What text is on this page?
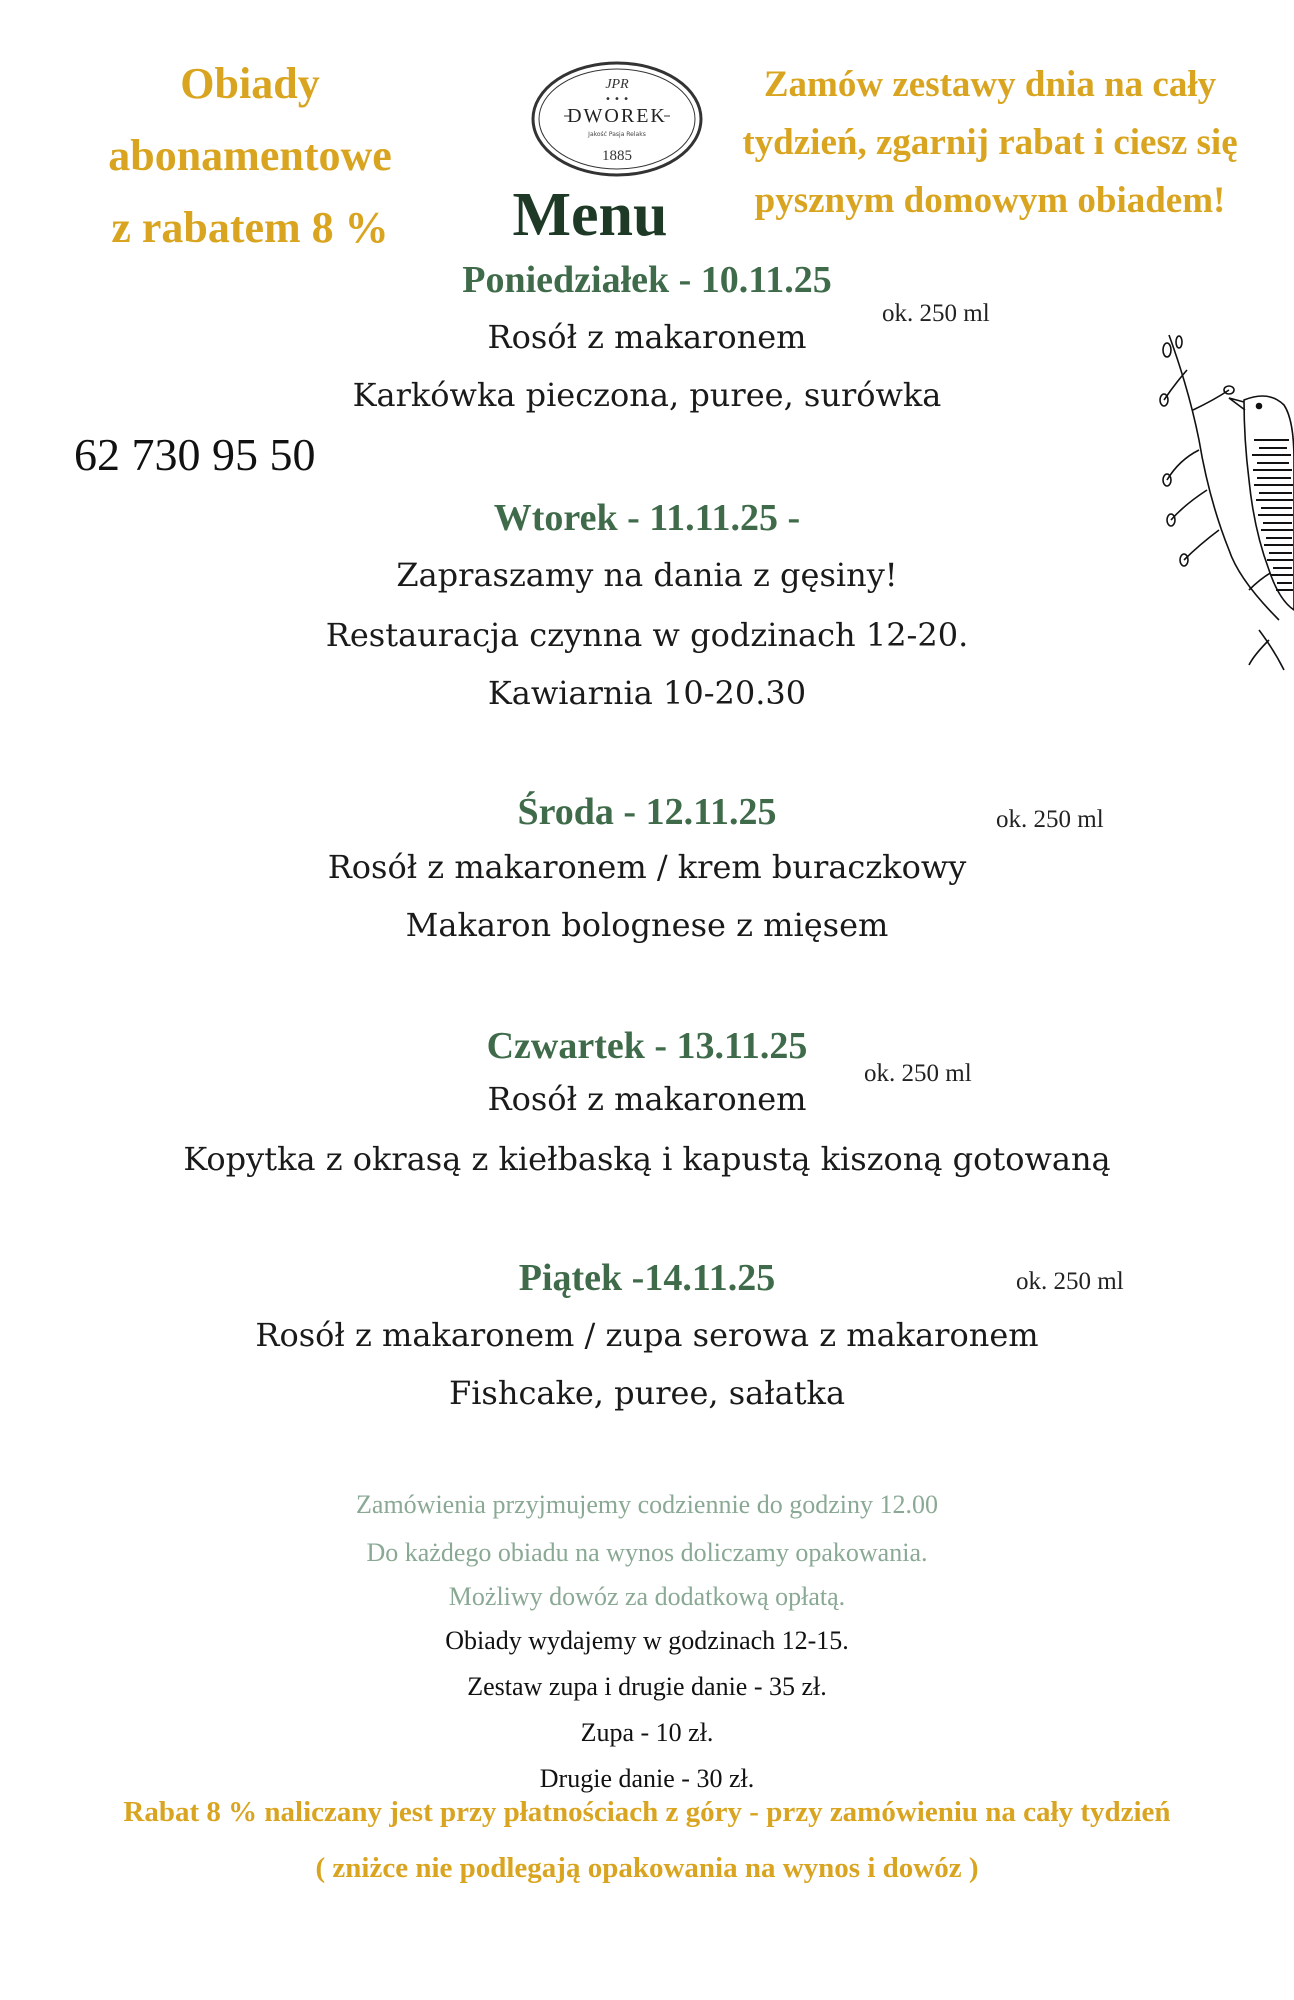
Obiady
abonamentowe
z rabatem 8 %
JPR
• • •
DWOREK
Jakość Pasja Relaks
1885
Zamów zestawy dnia na cały
tydzień, zgarnij rabat i ciesz się
pysznym domowym obiadem!
Menu
62 730 95 50
Poniedziałek - 10.11.25
ok. 250 ml
Rosół z makaronem
Karkówka pieczona, puree, surówka
Wtorek - 11.11.25 -
Zapraszamy na dania z gęsiny!
Restauracja czynna w godzinach 12-20.
Kawiarnia 10-20.30
Środa - 12.11.25	ok. 250 ml
Rosół z makaronem / krem buraczkowy
Makaron bolognese z mięsem
Czwartek - 13.11.25
ok. 250 ml
Rosół z makaronem
Kopytka z okrasą z kiełbaską i kapustą kiszoną gotowaną
Piątek -14.11.25	ok. 250 ml
Rosół z makaronem / zupa serowa z makaronem
Fishcake, puree, sałatka
Zamówienia przyjmujemy codziennie do godziny 12.00
Do każdego obiadu na wynos doliczamy opakowania.
Możliwy dowóz za dodatkową opłatą.
Obiady wydajemy w godzinach 12-15.
Zestaw zupa i drugie danie - 35 zł.
Zupa - 10 zł.
Drugie danie - 30 zł.
Rabat 8 % naliczany jest przy płatnościach z góry - przy zamówieniu na cały tydzień
( zniżce nie podlegają opakowania na wynos i dowóz )
